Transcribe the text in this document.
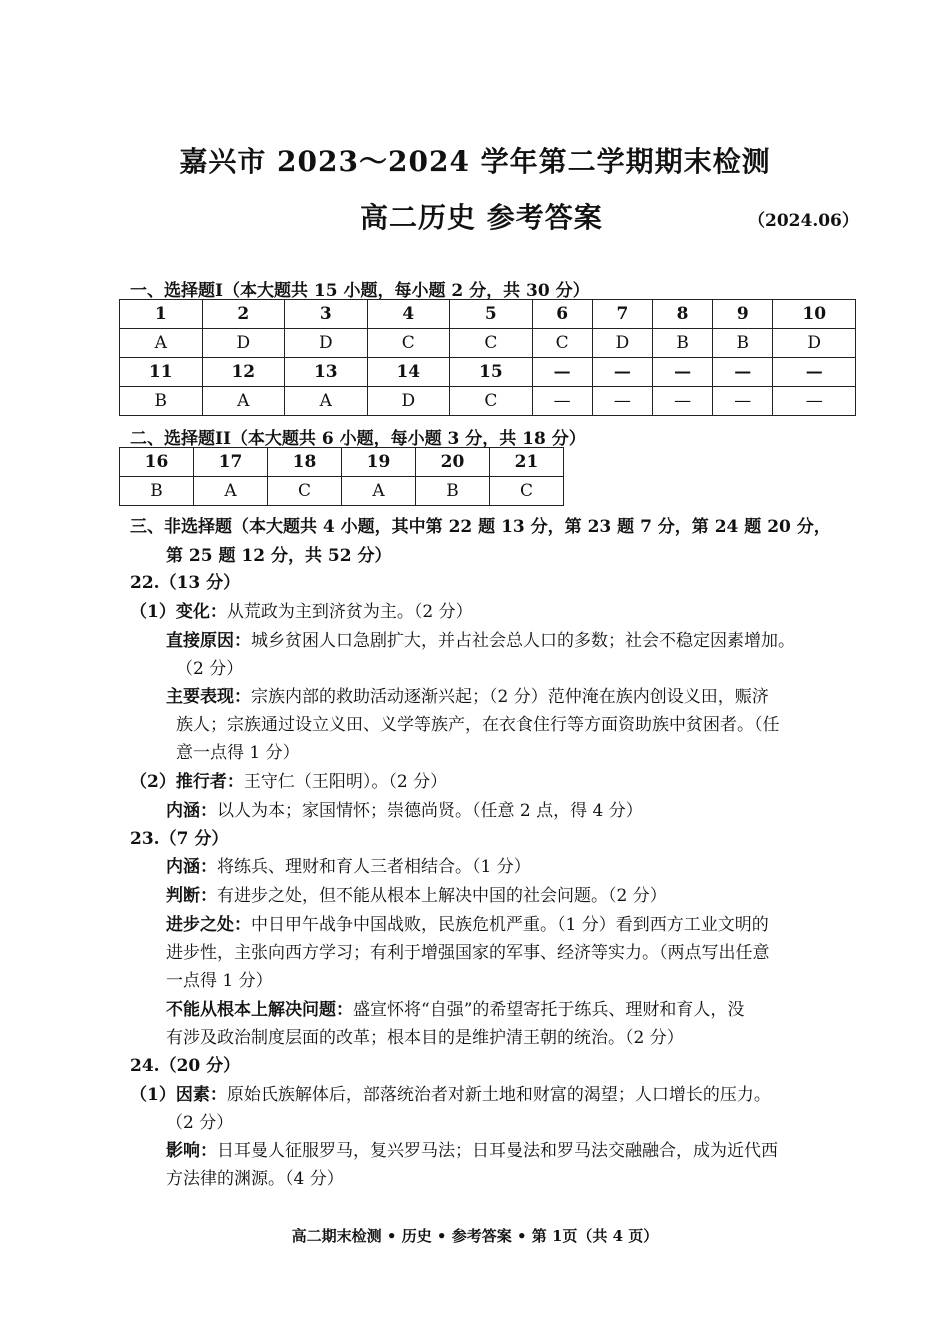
嘉兴市 2023～2024 学年第二学期期末检测
高二历史 参考答案	（2024.06）
一、选择题I（本大题共 15 小题，每小题 2 分，共 30 分）
1	2	3	4	5	6	7	8	9	10
A	D	D	C	C	C	D	B	B	D
11	12	13	14	15	—	—	—	—	—
B	A	A	D	C	—	—	—	—	—
二、选择题II（本大题共 6 小题，每小题 3 分，共 18 分）
16	17	18	19	20	21
B	A	C	A	B	C
三、非选择题（本大题共 4 小题，其中第 22 题 13 分，第 23 题 7 分，第 24 题 20 分，
第 25 题 12 分，共 52 分）
22.（13 分）
（1）变化：从荒政为主到济贫为主。（2 分）
直接原因：城乡贫困人口急剧扩大，并占社会总人口的多数；社会不稳定因素增加。
（2 分）
主要表现：宗族内部的救助活动逐渐兴起；（2 分）范仲淹在族内创设义田，赈济
族人；宗族通过设立义田、义学等族产，在衣食住行等方面资助族中贫困者。（任
意一点得 1 分）
（2）推行者：王守仁（王阳明）。（2 分）
内涵：以人为本；家国情怀；崇德尚贤。（任意 2 点，得 4 分）
23.（7 分）
内涵：将练兵、理财和育人三者相结合。（1 分）
判断：有进步之处，但不能从根本上解决中国的社会问题。（2 分）
进步之处：中日甲午战争中国战败，民族危机严重。（1 分）看到西方工业文明的
进步性，主张向西方学习；有利于增强国家的军事、经济等实力。（两点写出任意
一点得 1 分）
不能从根本上解决问题：盛宣怀将“自强”的希望寄托于练兵、理财和育人，没
有涉及政治制度层面的改革；根本目的是维护清王朝的统治。（2 分）
24.（20 分）
（1）因素：原始氏族解体后，部落统治者对新土地和财富的渴望；人口增长的压力。
（2 分）
影响：日耳曼人征服罗马，复兴罗马法；日耳曼法和罗马法交融融合，成为近代西
方法律的渊源。（4 分）
高二期末检测 • 历史 • 参考答案 • 第 1页（共 4 页）
